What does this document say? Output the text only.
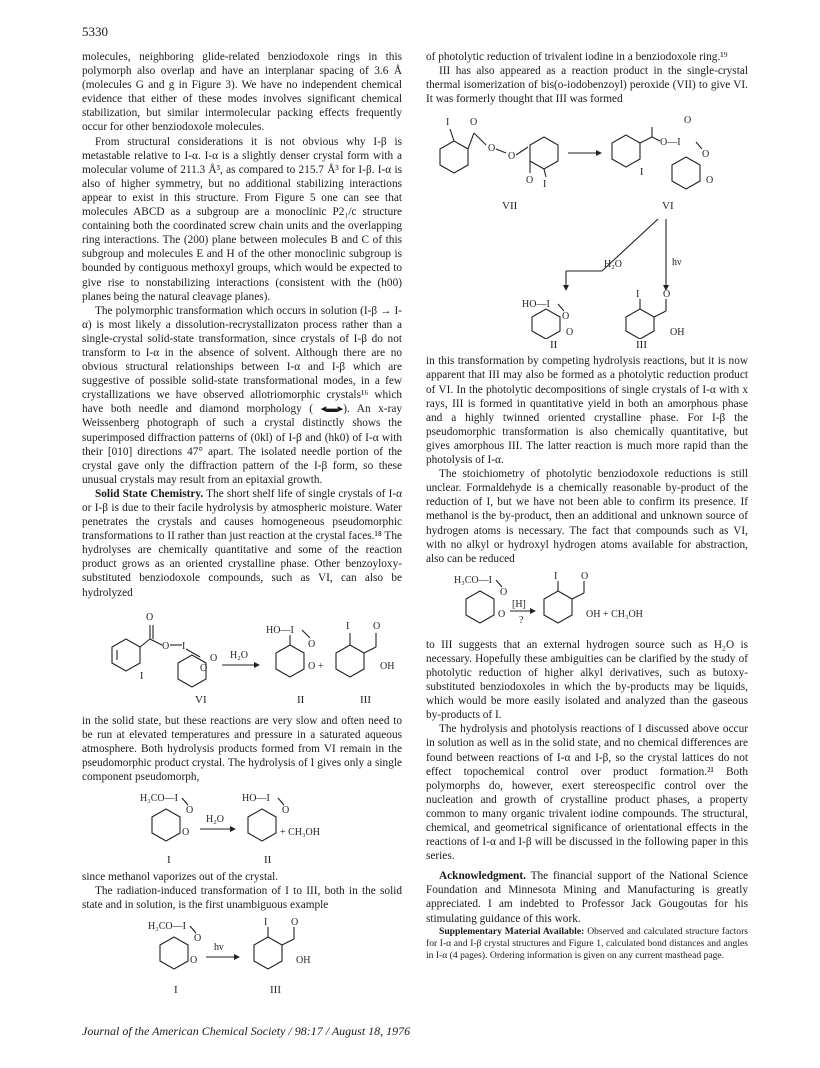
5330

molecules, neighboring glide-related benziodoxole rings in this polymorph also overlap and have an interplanar spacing of 3.6 Å (molecules G and g in Figure 3). We have no independent chemical evidence that either of these modes involves significant chemical stabilization, but similar intermolecular packing effects frequently occur for other benziodoxole molecules.

From structural considerations it is not obvious why I-β is metastable relative to I-α. I-α is a slightly denser crystal form with a molecular volume of 211.3 Å³, as compared to 215.7 Å³ for I-β. I-α is also of higher symmetry, but no additional stabilizing interactions appear to exist in this structure. From Figure 5 one can see that molecules ABCD as a subgroup are a monoclinic P2₁/c structure containing both the coordinated screw chain units and the overlapping ring interactions. The (200) plane between molecules B and C of this subgroup and molecules E and H of the other monoclinic subgroup is bounded by contiguous methoxyl groups, which would be expected to give rise to nonstabilizing interactions (consistent with the (h00) planes being the natural cleavage planes).

The polymorphic transformation which occurs in solution (I-β → I-α) is most likely a dissolution-recrystallizaton process rather than a single-crystal solid-state transformation, since crystals of I-β do not transform to I-α in the absence of solvent. Although there are no obvious structural relationships between I-α and I-β which are suggestive of possible solid-state transformational modes, in a few crystallizations we have observed allotriomorphic crystals¹⁶ which have both needle and diamond morphology ( ◂▬▸). An x-ray Weissenberg photograph of such a crystal distinctly shows the superimposed diffraction patterns of (0kl) of I-β and (hk0) of I-α with their [010] directions 47° apart. The isolated needle portion of the crystal gave only the diffraction pattern of the I-β form, so these unusual crystals may result from an epitaxial growth.

Solid State Chemistry. The short shelf life of single crystals of I-α or I-β is due to their facile hydrolysis by atmospheric moisture. Water penetrates the crystals and causes homogeneous pseudomorphic transformations to II rather than just reaction at the crystal faces.¹⁸ The hydrolyses are chemically quantitative and some of the reaction product grows as an oriented crystalline phase. Other benzoyloxy-substituted benziodoxole compounds, such as VI, can also be hydrolyzed

O
O I
I
O
O
VI
H₂O
HO—I
O
O +
II
I O
OH
III

in the solid state, but these reactions are very slow and often need to be run at elevated temperatures and pressure in a saturated aqueous atmosphere. Both hydrolysis products formed from VI remain in the pseudomorphic product crystal. The hydrolysis of I gives only a single component pseudomorph,

H₃CO—I
O
O
I
H₂O
HO—I
O
+ CH₃OH
II

since methanol vaporizes out of the crystal.

The radiation-induced transformation of I to III, both in the solid state and in solution, is the first unambiguous example

H₃CO—I
O
O
I
hν
I O
OH
III

of photolytic reduction of trivalent iodine in a benziodoxole ring.¹⁹

III has also appeared as a reaction product in the single-crystal thermal isomerization of bis(o-iodobenzoyl) peroxide (VII) to give VI. It was formerly thought that III was formed

I O
O
O
O I
VII
O
O—I
O
I
O
VI
H₂O	hν
HO—I
O
O
I O
OH
II	III

in this transformation by competing hydrolysis reactions, but it is now apparent that III may also be formed as a photolytic reduction product of VI. In the photolytic decompositions of single crystals of I-α with x rays, III is formed in quantitative yield in both an amorphous phase and a highly twinned oriented crystalline phase. For I-β the pseudomorphic transformation is also chemically quantitative, but gives amorphous III. The latter reaction is much more rapid than the photolysis of I-α.

The stoichiometry of photolytic benziodoxole reductions is still unclear. Formaldehyde is a chemically reasonable by-product of the reduction of I, but we have not been able to confirm its presence. If methanol is the by-product, then an additional and unknown source of hydrogen atoms is necessary. The fact that compounds such as VI, with no alkyl or hydroxyl hydrogen atoms available for abstraction, also can be reduced

H₃CO—I
O
O
[H]
?
I O
OH + CH₃OH

to III suggests that an external hydrogen source such as H₂O is necessary. Hopefully these ambiguities can be clarified by the study of photolytic reduction of higher alkyl derivatives, such as butoxy-substituted benziodoxoles in which the by-products may be liquids, which would be more easily isolated and analyzed than the gaseous by-products of I.

The hydrolysis and photolysis reactions of I discussed above occur in solution as well as in the solid state, and no chemical differences are found between reactions of I-α and I-β, so the crystal lattices do not effect topochemical control over product formation.²¹ Both polymorphs do, however, exert stereospecific control over the nucleation and growth of crystalline product phases, a property common to many organic trivalent iodine compounds. The structural, chemical, and geometrical significance of orientational effects in the reactions of I-α and I-β will be discussed in the following paper in this series.

Acknowledgment. The financial support of the National Science Foundation and Minnesota Mining and Manufacturing is greatly appreciated. I am indebted to Professor Jack Gougoutas for his stimulating guidance of this work.

Supplementary Material Available: Observed and calculated structure factors for I-α and I-β crystal structures and Figure 1, calculated bond distances and angles in I-α (4 pages). Ordering information is given on any current masthead page.

Journal of the American Chemical Society / 98:17 / August 18, 1976
